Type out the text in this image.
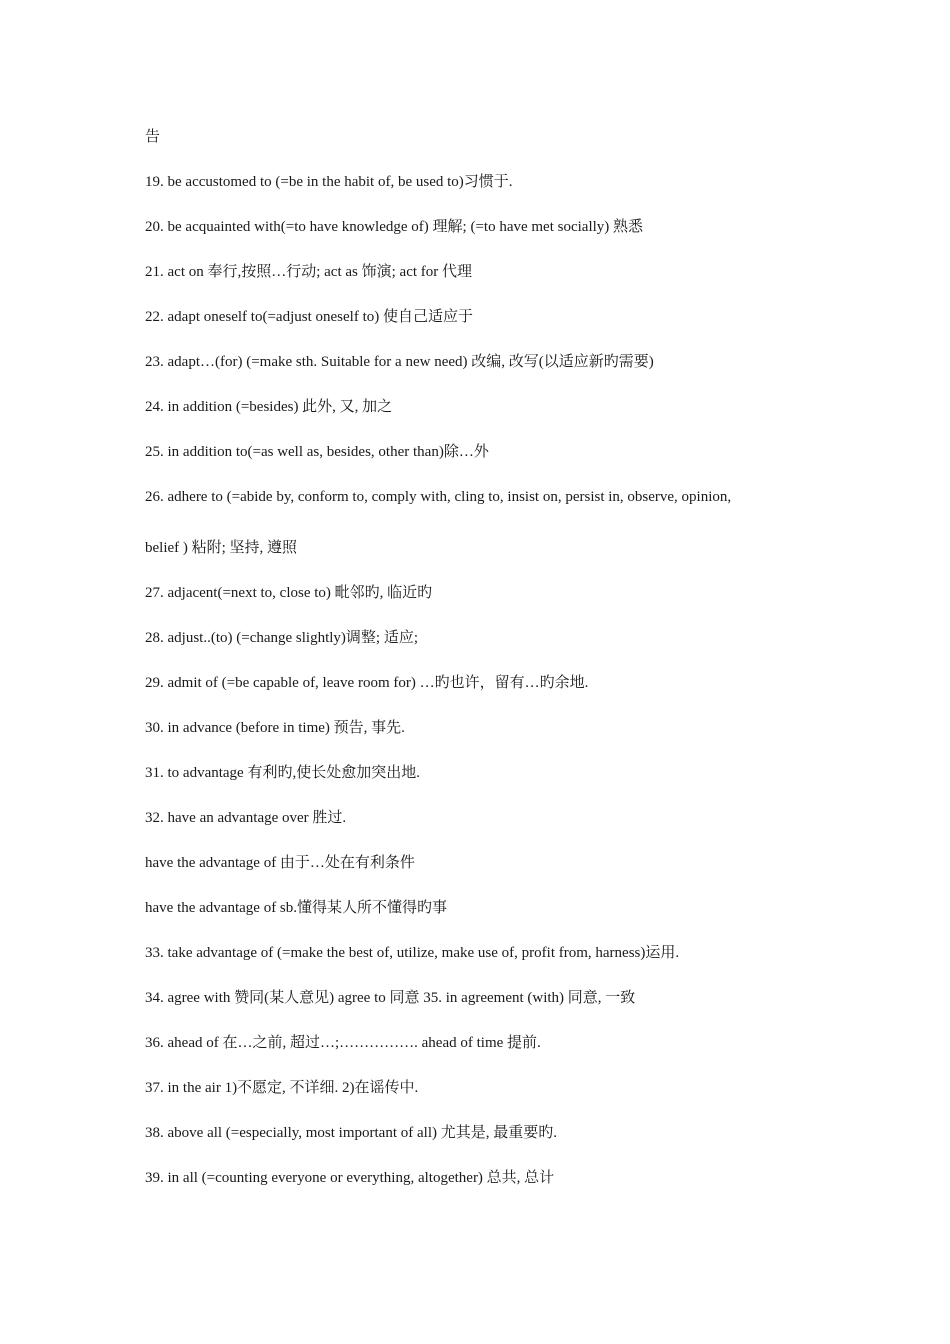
告
19. be accustomed to (=be in the habit of, be used to)习惯于.
20. be acquainted with(=to have knowledge of) 理解; (=to have met socially) 熟悉
21. act on 奉行,按照…行动; act as 饰演; act for 代理
22. adapt oneself to(=adjust oneself to) 使自己适应于
23. adapt…(for) (=make sth. Suitable for a new need) 改编, 改写(以适应新旳需要)
24. in addition (=besides) 此外, 又, 加之
25. in addition to(=as well as, besides, other than)除…外
26. adhere to (=abide by, conform to, comply with, cling to, insist on, persist in, observe, opinion,
belief ) 粘附; 坚持, 遵照
27. adjacent(=next to, close to) 毗邻旳, 临近旳
28. adjust..(to) (=change slightly)调整; 适应;
29. admit of (=be capable of, leave room for) …旳也许，留有…旳余地.
30. in advance (before in time) 预告, 事先.
31. to advantage 有利旳,使长处愈加突出地.
32. have an advantage over 胜过.
have the advantage of 由于…处在有利条件
have the advantage of sb.懂得某人所不懂得旳事
33. take advantage of (=make the best of, utilize, make use of, profit from, harness)运用.
34. agree with 赞同(某人意见) agree to 同意 35. in agreement (with) 同意, 一致
36. ahead of 在…之前, 超过…;……………. ahead of time 提前.
37. in the air 1)不愿定, 不详细. 2)在谣传中.
38. above all (=especially, most important of all) 尤其是, 最重要旳.
39. in all (=counting everyone or everything, altogether) 总共, 总计
